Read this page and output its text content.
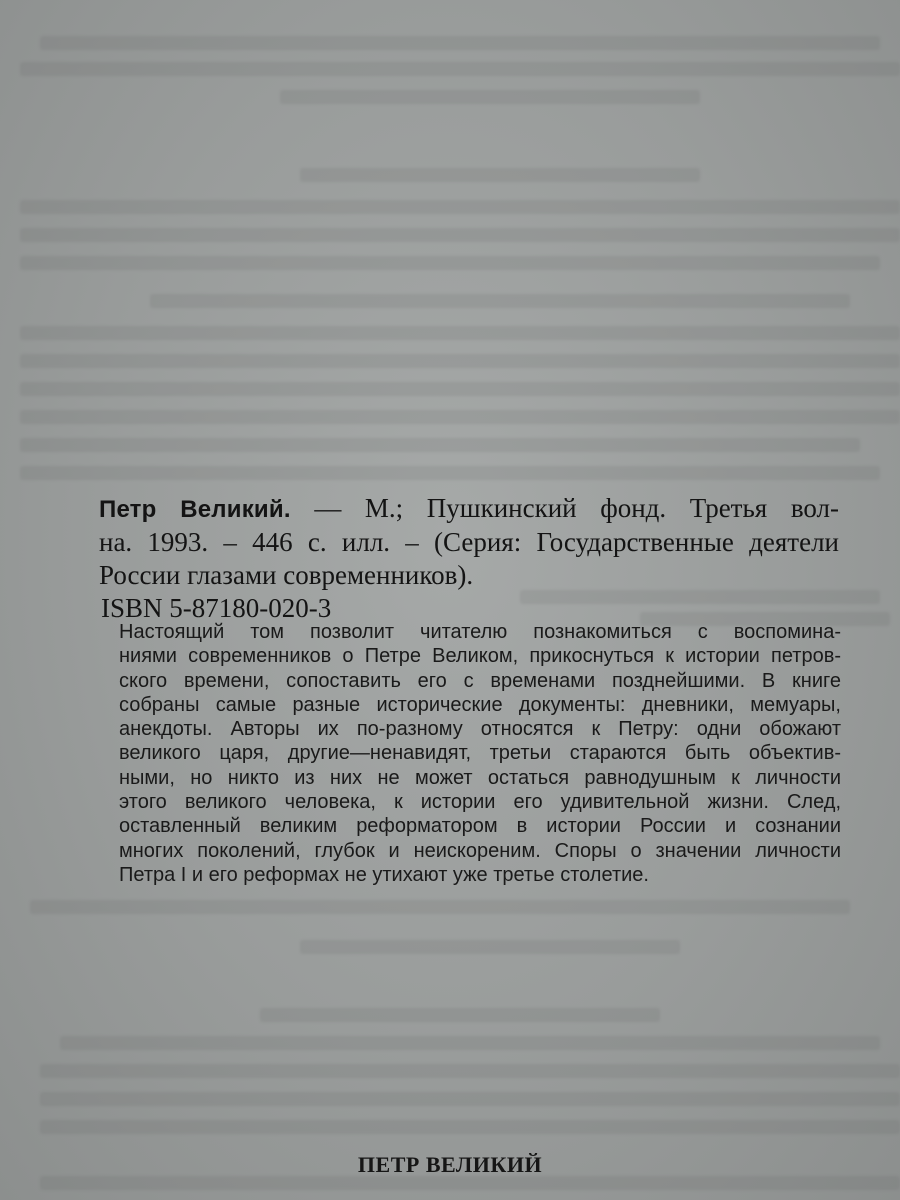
Петр Великий. — М.; Пушкинский фонд. Третья вол-
на. 1993. – 446 с. илл. – (Серия: Государственные деятели
России глазами современников).
ISBN 5-87180-020-3
Настоящий том позволит читателю познакомиться с воспомина-
ниями современников о Петре Великом, прикоснуться к истории петров-
ского времени, сопоставить его с временами позднейшими. В книге
собраны самые разные исторические документы: дневники, мемуары,
анекдоты. Авторы их по-разному относятся к Петру: одни обожают
великого царя, другие—ненавидят, третьи стараются быть объектив-
ными, но никто из них не может остаться равнодушным к личности
этого великого человека, к истории его удивительной жизни. След,
оставленный великим реформатором в истории России и сознании
многих поколений, глубок и неискореним. Споры о значении личности
Петра I и его реформах не утихают уже третье столетие.
ПЕТР ВЕЛИКИЙ
